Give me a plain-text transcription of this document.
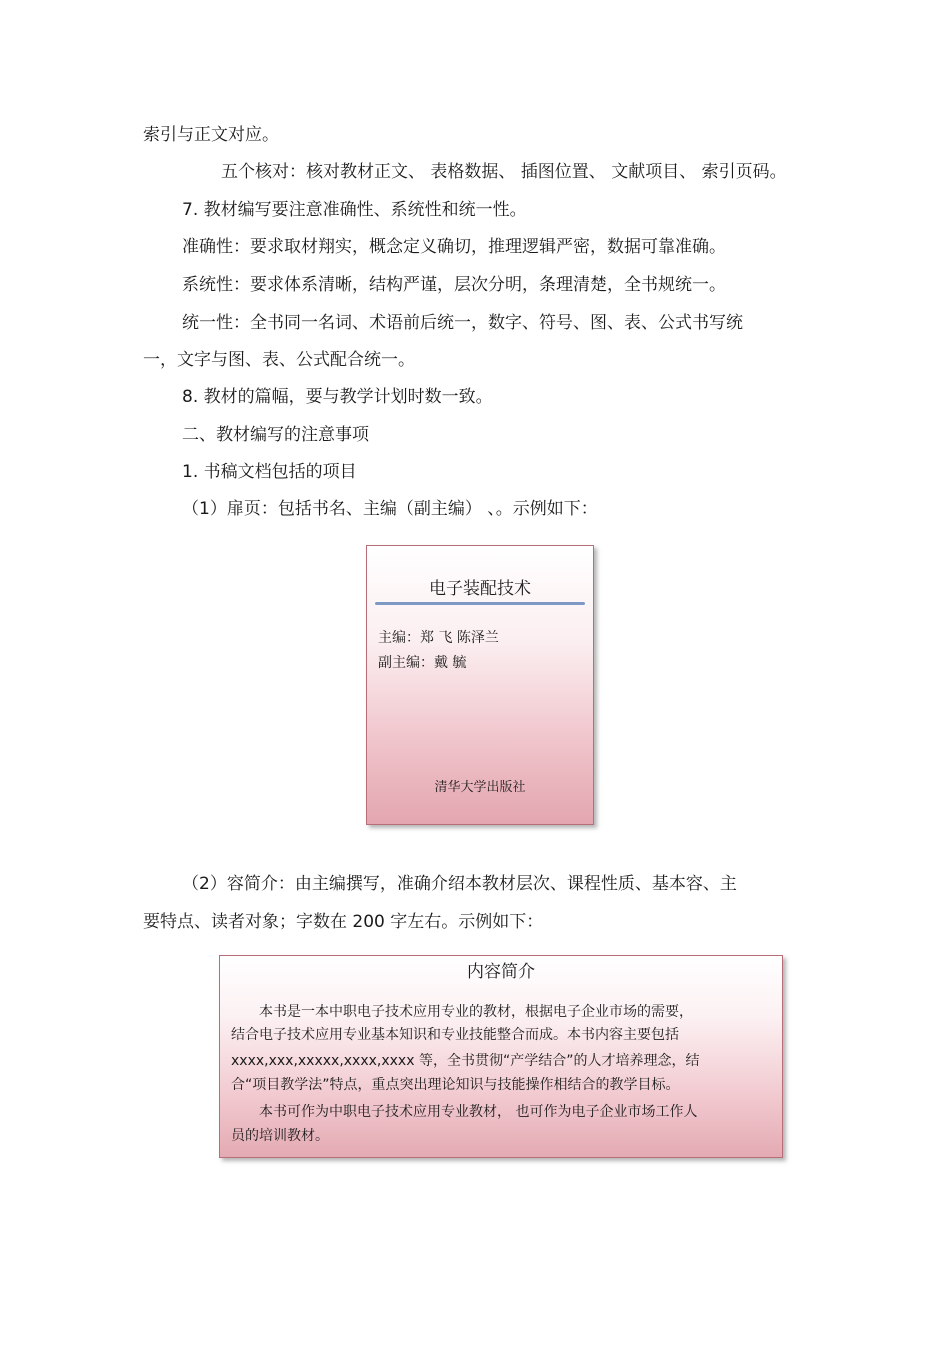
索引与正文对应。
五个核对：核对教材正文、 表格数据、 插图位置、 文献项目、 索引页码。
7. 教材编写要注意准确性、系统性和统一性。
准确性：要求取材翔实，概念定义确切，推理逻辑严密，数据可靠准确。
系统性：要求体系清晰，结构严谨，层次分明，条理清楚，全书规统一。
统一性：全书同一名词、术语前后统一，数字、符号、图、表、公式书写统
一，文字与图、表、公式配合统一。
8. 教材的篇幅，要与教学计划时数一致。
二、教材编写的注意事项
1. 书稿文档包括的项目
（1）扉页：包括书名、主编（副主编） 、。示例如下：
电子装配技术
主编：郑 飞 陈泽兰
副主编：戴 毓
清华大学出版社
（2）容简介：由主编撰写，准确介绍本教材层次、课程性质、基本容、主
要特点、读者对象；字数在 200 字左右。示例如下：
内容简介
本书是一本中职电子技术应用专业的教材，根据电子企业市场的需要，
结合电子技术应用专业基本知识和专业技能整合而成。本书内容主要包括
xxxx,xxx,xxxxx,xxxx,xxxx 等，全书贯彻“产学结合”的人才培养理念，结
合“项目教学法”特点，重点突出理论知识与技能操作相结合的教学目标。
本书可作为中职电子技术应用专业教材， 也可作为电子企业市场工作人
员的培训教材。
